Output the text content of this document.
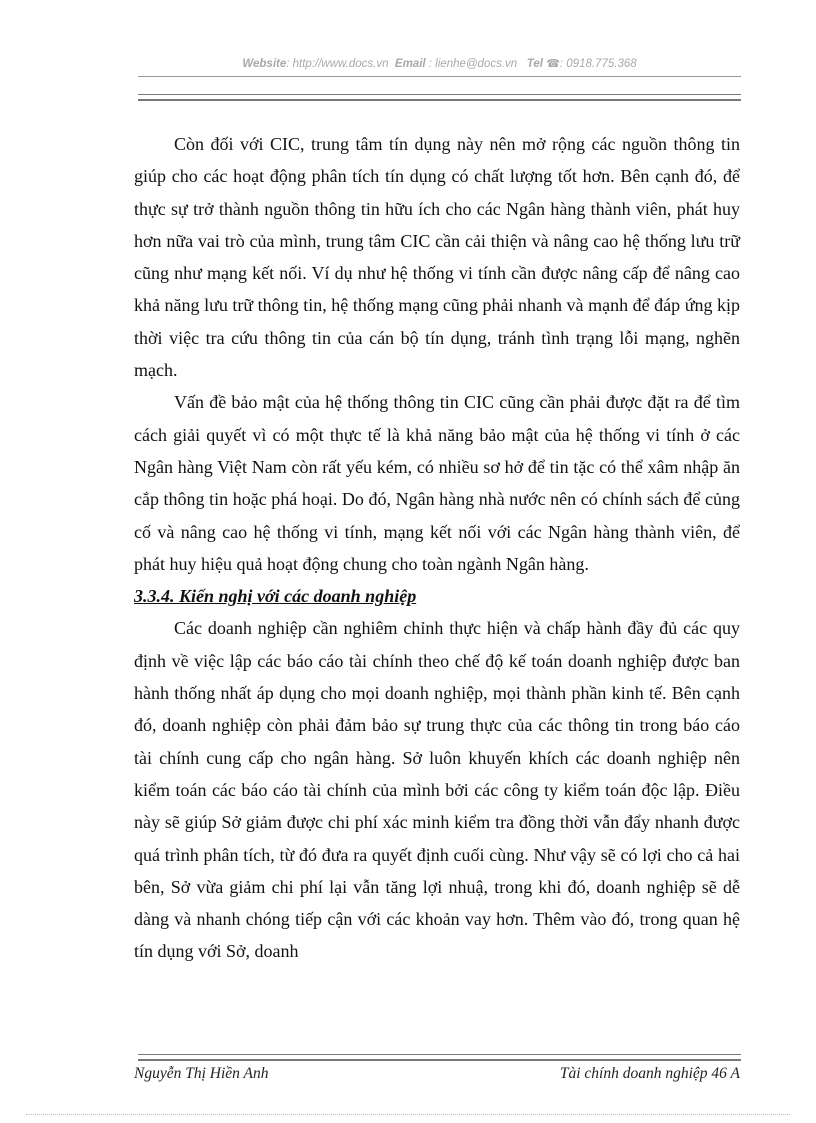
Website: http://www.docs.vn Email : lienhe@docs.vn Tel ☎: 0918.775.368

Còn đối với CIC, trung tâm tín dụng này nên mở rộng các nguồn thông tin giúp cho các hoạt động phân tích tín dụng có chất lượng tốt hơn. Bên cạnh đó, để thực sự trở thành nguồn thông tin hữu ích cho các Ngân hàng thành viên, phát huy hơn nữa vai trò của mình, trung tâm CIC cần cải thiện và nâng cao hệ thống lưu trữ cũng như mạng kết nối. Ví dụ như hệ thống vi tính cần được nâng cấp để nâng cao khả năng lưu trữ thông tin, hệ thống mạng cũng phải nhanh và mạnh để đáp ứng kịp thời việc tra cứu thông tin của cán bộ tín dụng, tránh tình trạng lỗi mạng, nghẽn mạch.

Vấn đề bảo mật của hệ thống thông tin CIC cũng cần phải được đặt ra để tìm cách giải quyết vì có một thực tế là khả năng bảo mật của hệ thống vi tính ở các Ngân hàng Việt Nam còn rất yếu kém, có nhiều sơ hở để tin tặc có thể xâm nhập ăn cắp thông tin hoặc phá hoại. Do đó, Ngân hàng nhà nước nên có chính sách để củng cố và nâng cao hệ thống vi tính, mạng kết nối với các Ngân hàng thành viên, để phát huy hiệu quả hoạt động chung cho toàn ngành Ngân hàng.

3.3.4. Kiến nghị với các doanh nghiệp

Các doanh nghiệp cần nghiêm chỉnh thực hiện và chấp hành đầy đủ các quy định về việc lập các báo cáo tài chính theo chế độ kế toán doanh nghiệp được ban hành thống nhất áp dụng cho mọi doanh nghiệp, mọi thành phần kinh tế. Bên cạnh đó, doanh nghiệp còn phải đảm bảo sự trung thực của các thông tin trong báo cáo tài chính cung cấp cho ngân hàng. Sở luôn khuyến khích các doanh nghiệp nên kiểm toán các báo cáo tài chính của mình bởi các công ty kiểm toán độc lập. Điều này sẽ giúp Sở giảm được chi phí xác minh kiểm tra đồng thời vẫn đẩy nhanh được quá trình phân tích, từ đó đưa ra quyết định cuối cùng. Như vậy sẽ có lợi cho cả hai bên, Sở vừa giảm chi phí lại vẫn tăng lợi nhuậ, trong khi đó, doanh nghiệp sẽ dễ dàng và nhanh chóng tiếp cận với các khoản vay hơn. Thêm vào đó, trong quan hệ tín dụng với Sở, doanh

Nguyễn Thị Hiền Anh	Tài chính doanh nghiệp 46 A
